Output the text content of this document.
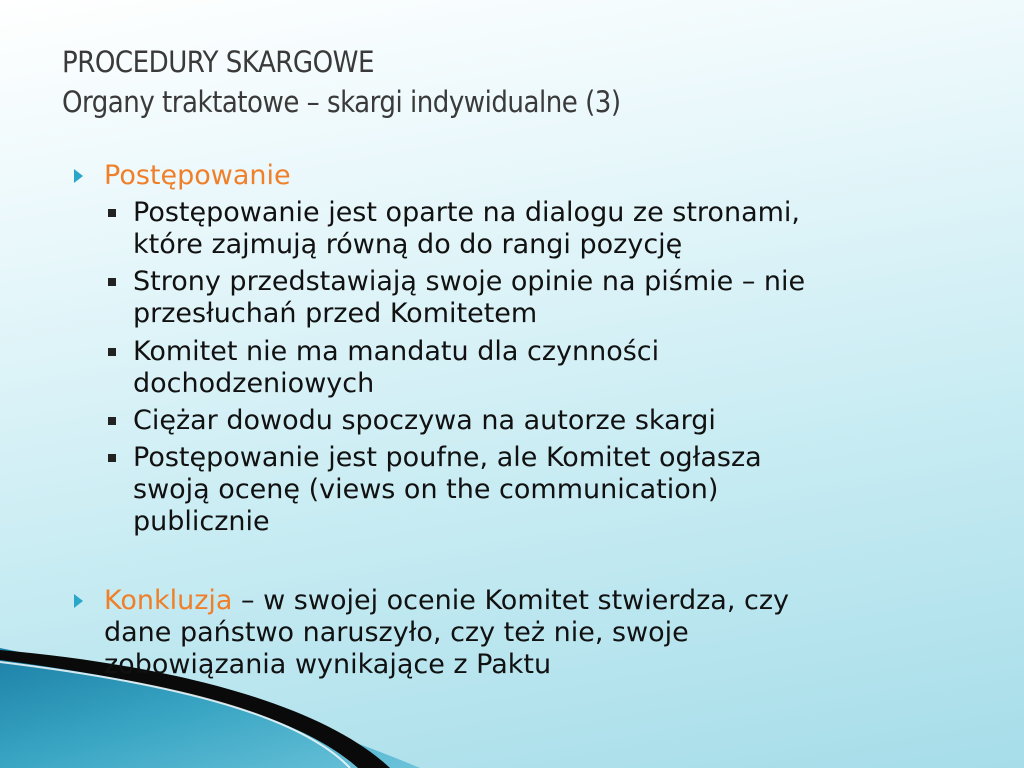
PROCEDURY SKARGOWE
Organy traktatowe – skargi indywidualne (3)
Postępowanie
Postępowanie jest oparte na dialogu ze stronami,
które zajmują równą do do rangi pozycję
Strony przedstawiają swoje opinie na piśmie – nie
przesłuchań przed Komitetem
Komitet nie ma mandatu dla czynności
dochodzeniowych
Ciężar dowodu spoczywa na autorze skargi
Postępowanie jest poufne, ale Komitet ogłasza
swoją ocenę (views on the communication)
publicznie
Konkluzja – w swojej ocenie Komitet stwierdza, czy
dane państwo naruszyło, czy też nie, swoje
zobowiązania wynikające z Paktu
